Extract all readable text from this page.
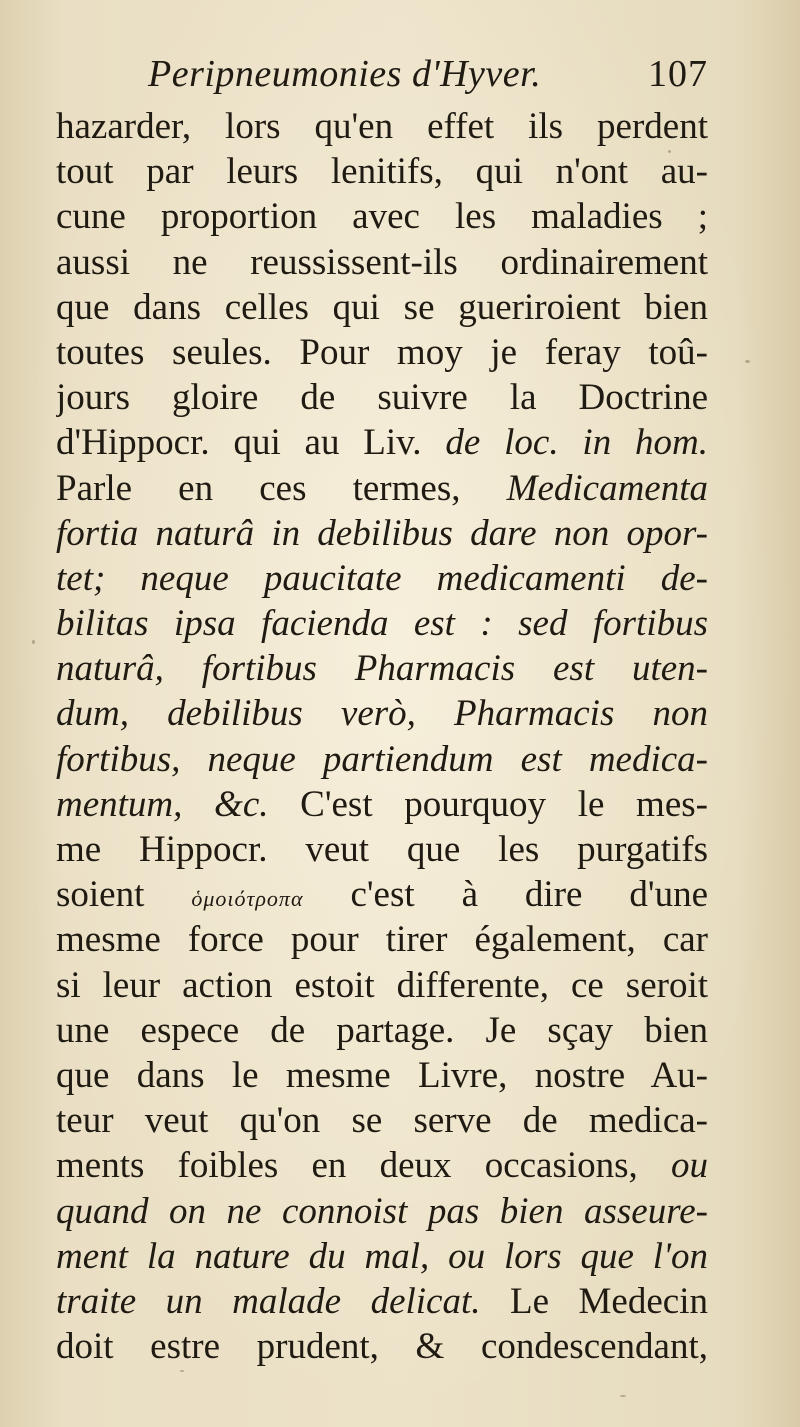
Peripneumonies d'Hyver.	107
hazarder, lors qu'en effet ils perdent
tout par leurs lenitifs, qui n'ont au-
cune proportion avec les maladies ;
aussi ne reussissent-ils ordinairement
que dans celles qui se gueriroient bien
toutes seules. Pour moy je feray toû-
jours gloire de suivre la Doctrine
d'Hippocr. qui au Liv. de loc. in hom.
Parle en ces termes, Medicamenta
fortia naturâ in debilibus dare non opor-
tet; neque paucitate medicamenti de-
bilitas ipsa facienda est : sed fortibus
naturâ, fortibus Pharmacis est uten-
dum, debilibus verò, Pharmacis non
fortibus, neque partiendum est medica-
mentum, &c. C'est pourquoy le mes-
me Hippocr. veut que les purgatifs
soient ὁμοιότροπα c'est à dire d'une
mesme force pour tirer également, car
si leur action estoit differente, ce seroit
une espece de partage. Je sçay bien
que dans le mesme Livre, nostre Au-
teur veut qu'on se serve de medica-
ments foibles en deux occasions, ou
quand on ne connoist pas bien asseure-
ment la nature du mal, ou lors que l'on
traite un malade delicat. Le Medecin
doit estre prudent, & condescendant,
